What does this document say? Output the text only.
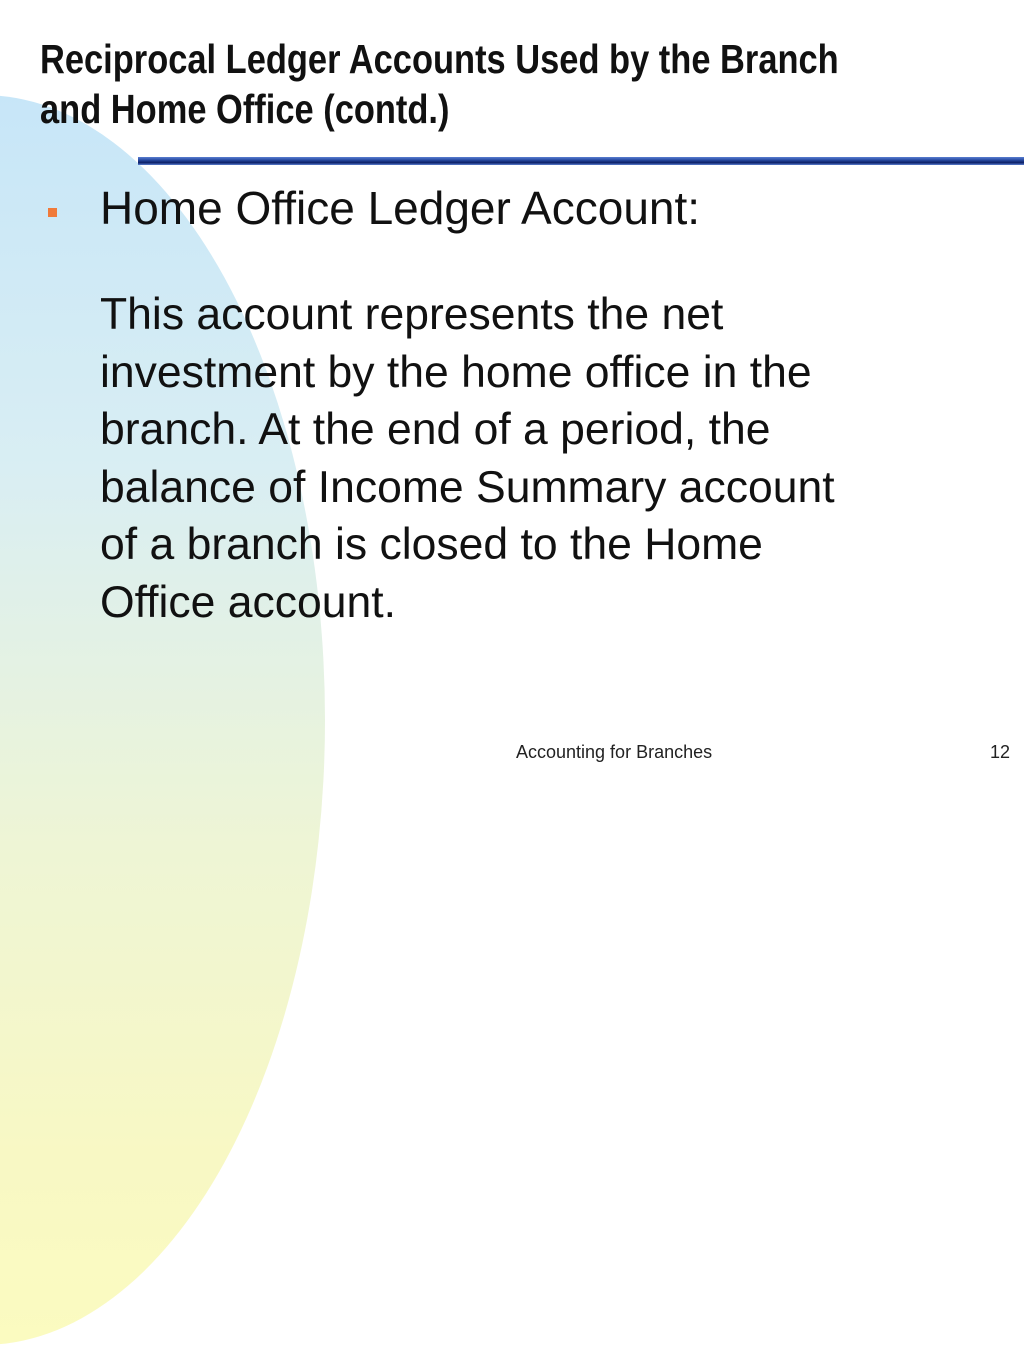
Reciprocal Ledger Accounts Used by the Branch
and Home Office (contd.)
Home Office Ledger Account:

This account represents the net
investment by the home office in the
branch. At the end of a period, the
balance of Income Summary account
of a branch is closed to the Home
Office account.

Accounting for Branches	12
